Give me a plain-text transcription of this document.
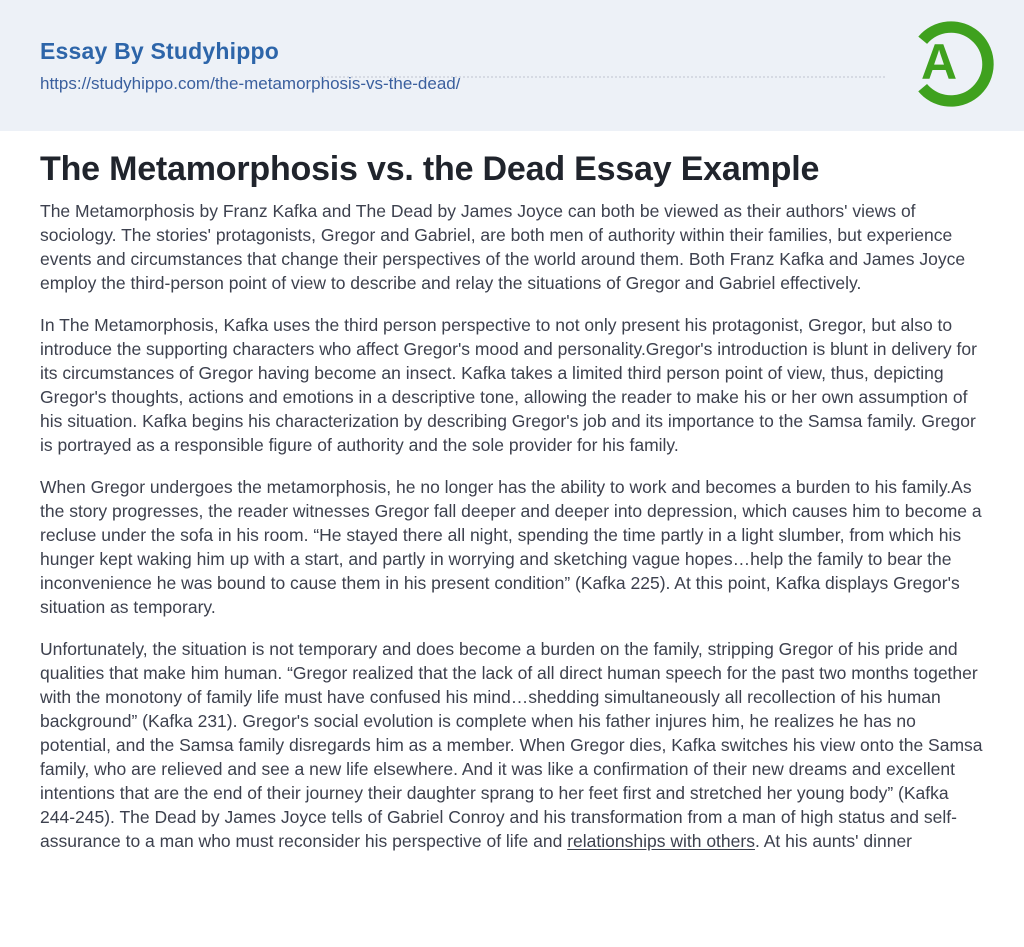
Essay By Studyhippo
https://studyhippo.com/the-metamorphosis-vs-the-dead/	A
The Metamorphosis vs. the Dead Essay Example

The Metamorphosis by Franz Kafka and The Dead by James Joyce can both be viewed as their authors' views of sociology. The stories' protagonists, Gregor and Gabriel, are both men of authority within their families, but experience events and circumstances that change their perspectives of the world around them. Both Franz Kafka and James Joyce employ the third-person point of view to describe and relay the situations of Gregor and Gabriel effectively.

In The Metamorphosis, Kafka uses the third person perspective to not only present his protagonist, Gregor, but also to introduce the supporting characters who affect Gregor's mood and personality.Gregor's introduction is blunt in delivery for its circumstances of Gregor having become an insect. Kafka takes a limited third person point of view, thus, depicting Gregor's thoughts, actions and emotions in a descriptive tone, allowing the reader to make his or her own assumption of his situation. Kafka begins his characterization by describing Gregor's job and its importance to the Samsa family. Gregor is portrayed as a responsible figure of authority and the sole provider for his family.

When Gregor undergoes the metamorphosis, he no longer has the ability to work and becomes a burden to his family.As the story progresses, the reader witnesses Gregor fall deeper and deeper into depression, which causes him to become a recluse under the sofa in his room. “He stayed there all night, spending the time partly in a light slumber, from which his hunger kept waking him up with a start, and partly in worrying and sketching vague hopes…help the family to bear the inconvenience he was bound to cause them in his present condition” (Kafka 225). At this point, Kafka displays Gregor's situation as temporary.

Unfortunately, the situation is not temporary and does become a burden on the family, stripping Gregor of his pride and qualities that make him human. “Gregor realized that the lack of all direct human speech for the past two months together with the monotony of family life must have confused his mind…shedding simultaneously all recollection of his human background” (Kafka 231). Gregor's social evolution is complete when his father injures him, he realizes he has no potential, and the Samsa family disregards him as a member. When Gregor dies, Kafka switches his view onto the Samsa family, who are relieved and see a new life elsewhere. And it was like a confirmation of their new dreams and excellent intentions that are the end of their journey their daughter sprang to her feet first and stretched her young body” (Kafka 244-245). The Dead by James Joyce tells of Gabriel Conroy and his transformation from a man of high status and self-assurance to a man who must reconsider his perspective of life and relationships with others. At his aunts' dinner
